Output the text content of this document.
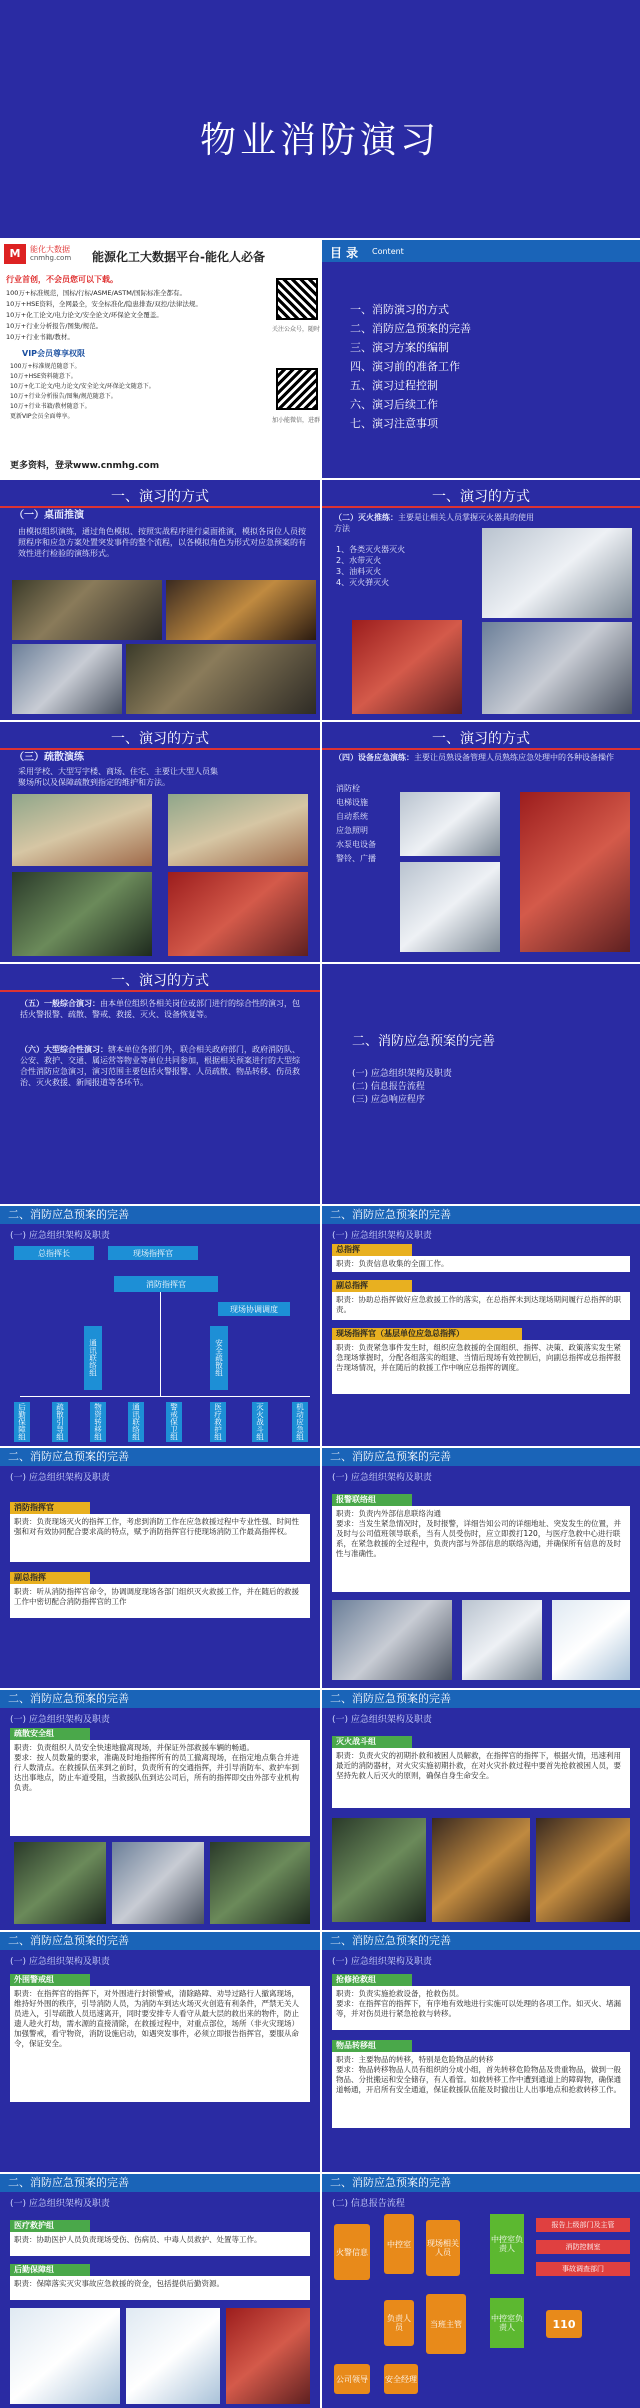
物业消防演习
M	能化大数据
cnmhg.com 能源化工大数据平台-能化人必备
行业首创，不会员您可以下载。
100万+标准规范，国标/行标/ASME/ASTM/国际标准全都有。
10万+HSE资料，全网最全，安全标准化/隐患排查/双控/法律法规。
10万+化工论文/电力论文/安全论文/环保论文全覆盖。
10万+行业分析报告/图集/规范。
10万+行业书籍/教材。
VIP会员尊享权限
100万+标准规范随意下。
10万+HSE资料随意下。
10万+化工论文/电力论文/安全论文/环保论文随意下。
10万+行业分析报告/图集/规范随意下。
10万+行业书籍/教材随意下。
更新VIP会员全面尊享。
更多资料，登录www.cnmhg.com
关注公众号，随时
加小能微信，进群
目 录 Content
一、消防演习的方式
二、消防应急预案的完善
三、演习方案的编制
四、演习前的准备工作
五、演习过程控制
六、演习后续工作
七、演习注意事项
一、演习的方式
（一）桌面推演
由模拟组织演练，通过角色模拟、按照实战程序进行桌面推演，模拟各岗位人员按照程序和应急方案处置突发事件的整个流程，以各模拟角色为形式对应急预案的有效性进行检验的演练形式。
一、演习的方式
（二）灭火推练：主要是让相关人员掌握灭火器具的使用方法
1、各类灭火器灭火
2、水带灭火
3、油料灭火
4、灭火弹灭火
一、演习的方式
（三）疏散演练
采用学校、大型写字楼、商场、住宅、主要让大型人员集聚场所以及保障疏散到指定的维护和方法。
一、演习的方式
（四）设备应急演练：主要让员熟设备管理人员熟练应急处理中的各种设备操作
消防栓
电梯设施
自动系统
应急照明
水泵电设备
警铃、广播
一、演习的方式
（五）一般综合演习：由本单位组织各相关岗位或部门进行的综合性的演习，包括火警报警、疏散、警戒、救援、灭火、设备恢复等。
（六）大型综合性演习：辖本单位各部门外，联合相关政府部门，政府消防队、公安、救护、交通、属运营等物业等单位共同参加，根据相关预案进行的大型综合性消防应急演习，演习范围主要包括火警报警、人员疏散、物品转移、伤员救治、灭火救援、新闻报道等各环节。
二、消防应急预案的完善
(一) 应急组织架构及职责
(二) 信息报告流程
(三) 应急响应程序
二、消防应急预案的完善
(一) 应急组织架构及职责
总指挥长	现场指挥官
消防指挥官
现场协调调度
通讯联络组	安全疏散组
后勤保障组	疏散引导组	物资转移组	通讯联络组	警戒保卫组	医疗救护组	灭火战斗组	机动应急组
二、消防应急预案的完善
(一) 应急组织架构及职责
总指挥
职责：负责信息收集的全面工作。
副总指挥
职责：协助总指挥做好应急救援工作的落实，在总指挥未到达现场期间履行总指挥的职责。
现场指挥官（基层单位应急总指挥）
职责：负责紧急事件发生时，组织应急救援的全面组织、指挥、决策、政策落实发生紧急现场掌握时，分配各组落实的组建、当情后现场有效控制后，向副总指挥或总指挥报告现场情况，并在随后的救援工作中响应总指挥的调度。
二、消防应急预案的完善
(一) 应急组织架构及职责
消防指挥官
职责：负责现场灭火的指挥工作，考虑到消防工作在应急救援过程中专业性强、时间性强和对有效协同配合要求高的特点，赋予消防指挥官行使现场消防工作最高指挥权。
副总指挥
职责：听从消防指挥官命令，协调调度现场各部门组织灭火救援工作，并在随后的救援工作中密切配合消防指挥官的工作
二、消防应急预案的完善
(一) 应急组织架构及职责
报警联络组
职责：负责内外部信息联络沟通
要求：当发生紧急情况时，及时报警，详细告知公司的详细地址、突发发生的位置，并及时与公司值班领导联系，当有人员受伤时，应立即拨打120，与医疗急救中心进行联系，在紧急救援的全过程中，负责内部与外部信息的联络沟通，并确保所有信息的及时性与准确性。
二、消防应急预案的完善
(一) 应急组织架构及职责
疏散安全组
职责：负责组织人员安全快速地撤离现场，并保证外部救援车辆的畅通。
要求：按人员数量的要求，准确及时地指挥所有的员工撤离现场，在指定地点集合并进行人数清点。在救援队伍来到之前时，负责所有的交通指挥，并引导消防车、救护车到达出事地点，防止车道受阻，当救援队伍到达公司后，所有的指挥即交由外部专业机构负责。
二、消防应急预案的完善
(一) 应急组织架构及职责
灭火战斗组
职责：负责火灾的初期扑救和被困人员解救，在指挥官的指挥下，根据火情，迅速利用最近的消防器材，对火灾实施初期扑救，在对火灾扑救过程中要首先抢救被困人员，要坚持先救人后灭火的原则，确保自身生命安全。
二、消防应急预案的完善
(一) 应急组织架构及职责
外围警戒组
职责：在指挥官的指挥下，对外围进行封锁警戒，清除路障、劝导过路行人撤离现场，维持好外围的秩序，引导消防人员，为消防车到达火场灭火创造有利条件，严禁无关人员进入，引导疏散人员迅速离开，同时要安排专人看守从最大层的救出来的物件，防止遗人趁火打劫，需水源的直接清除，在救援过程中，对重点部位，场所（非火灾现场）加强警戒，看守物资，消防设施启动，如遇突发事件，必须立即报告指挥官，要服从命令，保证安全。
二、消防应急预案的完善
(一) 应急组织架构及职责
抢修抢救组
职责：负责实施抢救设备，抢救伤员。
要求：在指挥官的指挥下，有序地有效地进行实施可以处理的各项工作。如灭火、堵漏等，并对伤员进行紧急抢救与转移。
物品转移组
职责：主要物品的转移，特别是危险物品的转移
要求：物品转移物品人员有组织的分成小组，首先转移危险物品及贵重物品，做到一般物品、分批搬运和安全储存，有人看管。如救转移工作中遭到通道上的障碍物，确保通道畅通，开启所有安全通道，保证救援队伍能及时撤出让人出事地点和抢救转移工作。
二、消防应急预案的完善
(一) 应急组织架构及职责
医疗救护组
职责：协助医护人员负责现场受伤、伤病员、中毒人员救护、处置等工作。
后勤保障组
职责：保障落实灭灾事故应急救援的资金，包括提供后勤资源。
二、消防应急预案的完善
(二) 信息报告流程
火警信息
中控室	现场相关人员
中控室负责人
报告上级部门及主管
消防控制室
事故调查部门
负责人员	当班主管
中控室负责人	110
公司领导 安全经理
